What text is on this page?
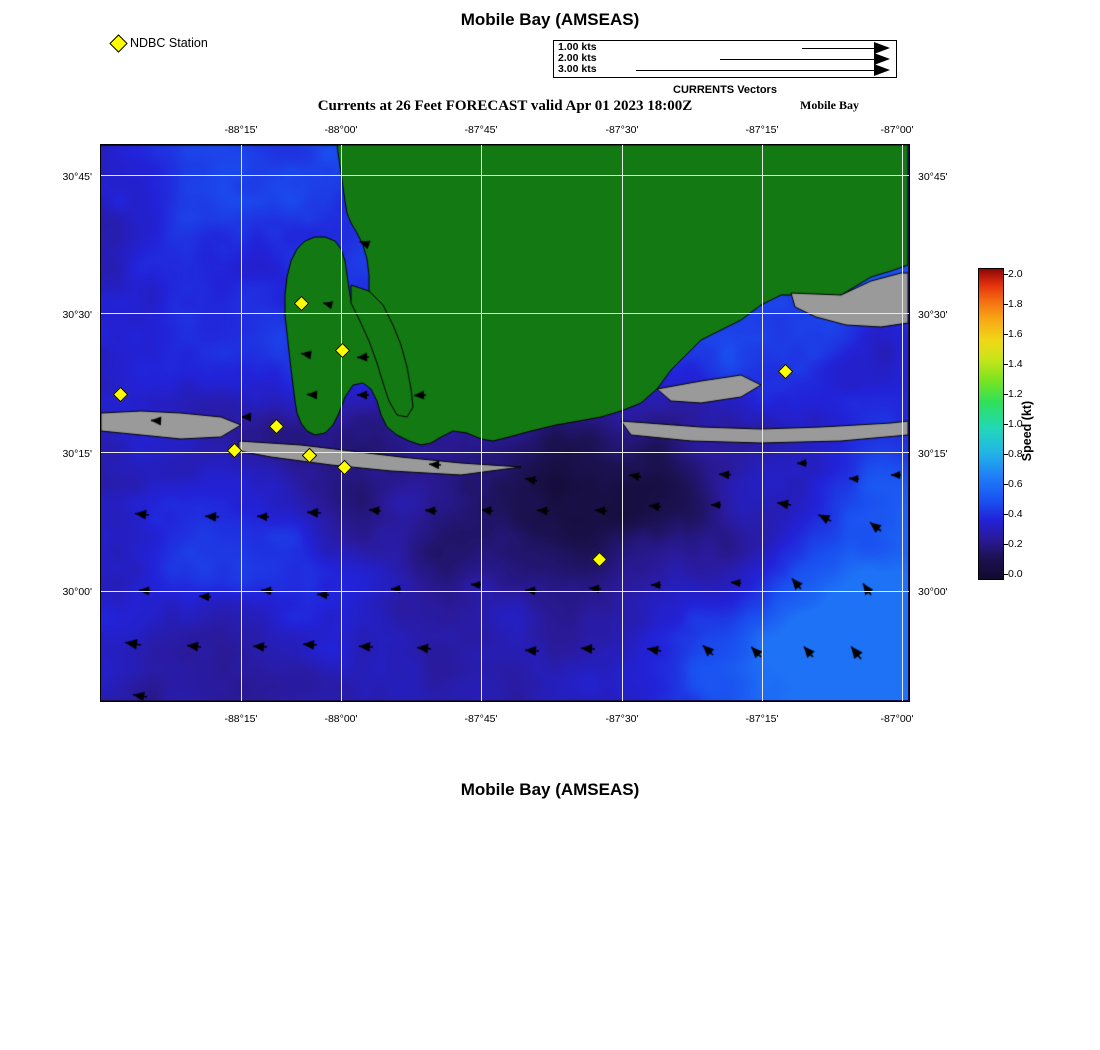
Mobile Bay (AMSEAS)
NDBC Station	1.00 kts
2.00 kts
3.00 kts
CURRENTS Vectors
Currents at 26 Feet FORECAST valid Apr 01 2023 18:00Z	Mobile Bay
-88°15'	-88°00'	-87°45'	-87°30'	-87°15'	-87°00'
-88°15'	-88°00'	-87°45'	-87°30'	-87°15'	-87°00'
30°45'
30°30'
30°15'
30°00'
30°45'
30°30'
30°15'
30°00'
2.0
1.8
1.6
1.4
1.2
1.0
0.8
0.6
0.4
0.2
0.0
Speed (kt)
Mobile Bay (AMSEAS)
